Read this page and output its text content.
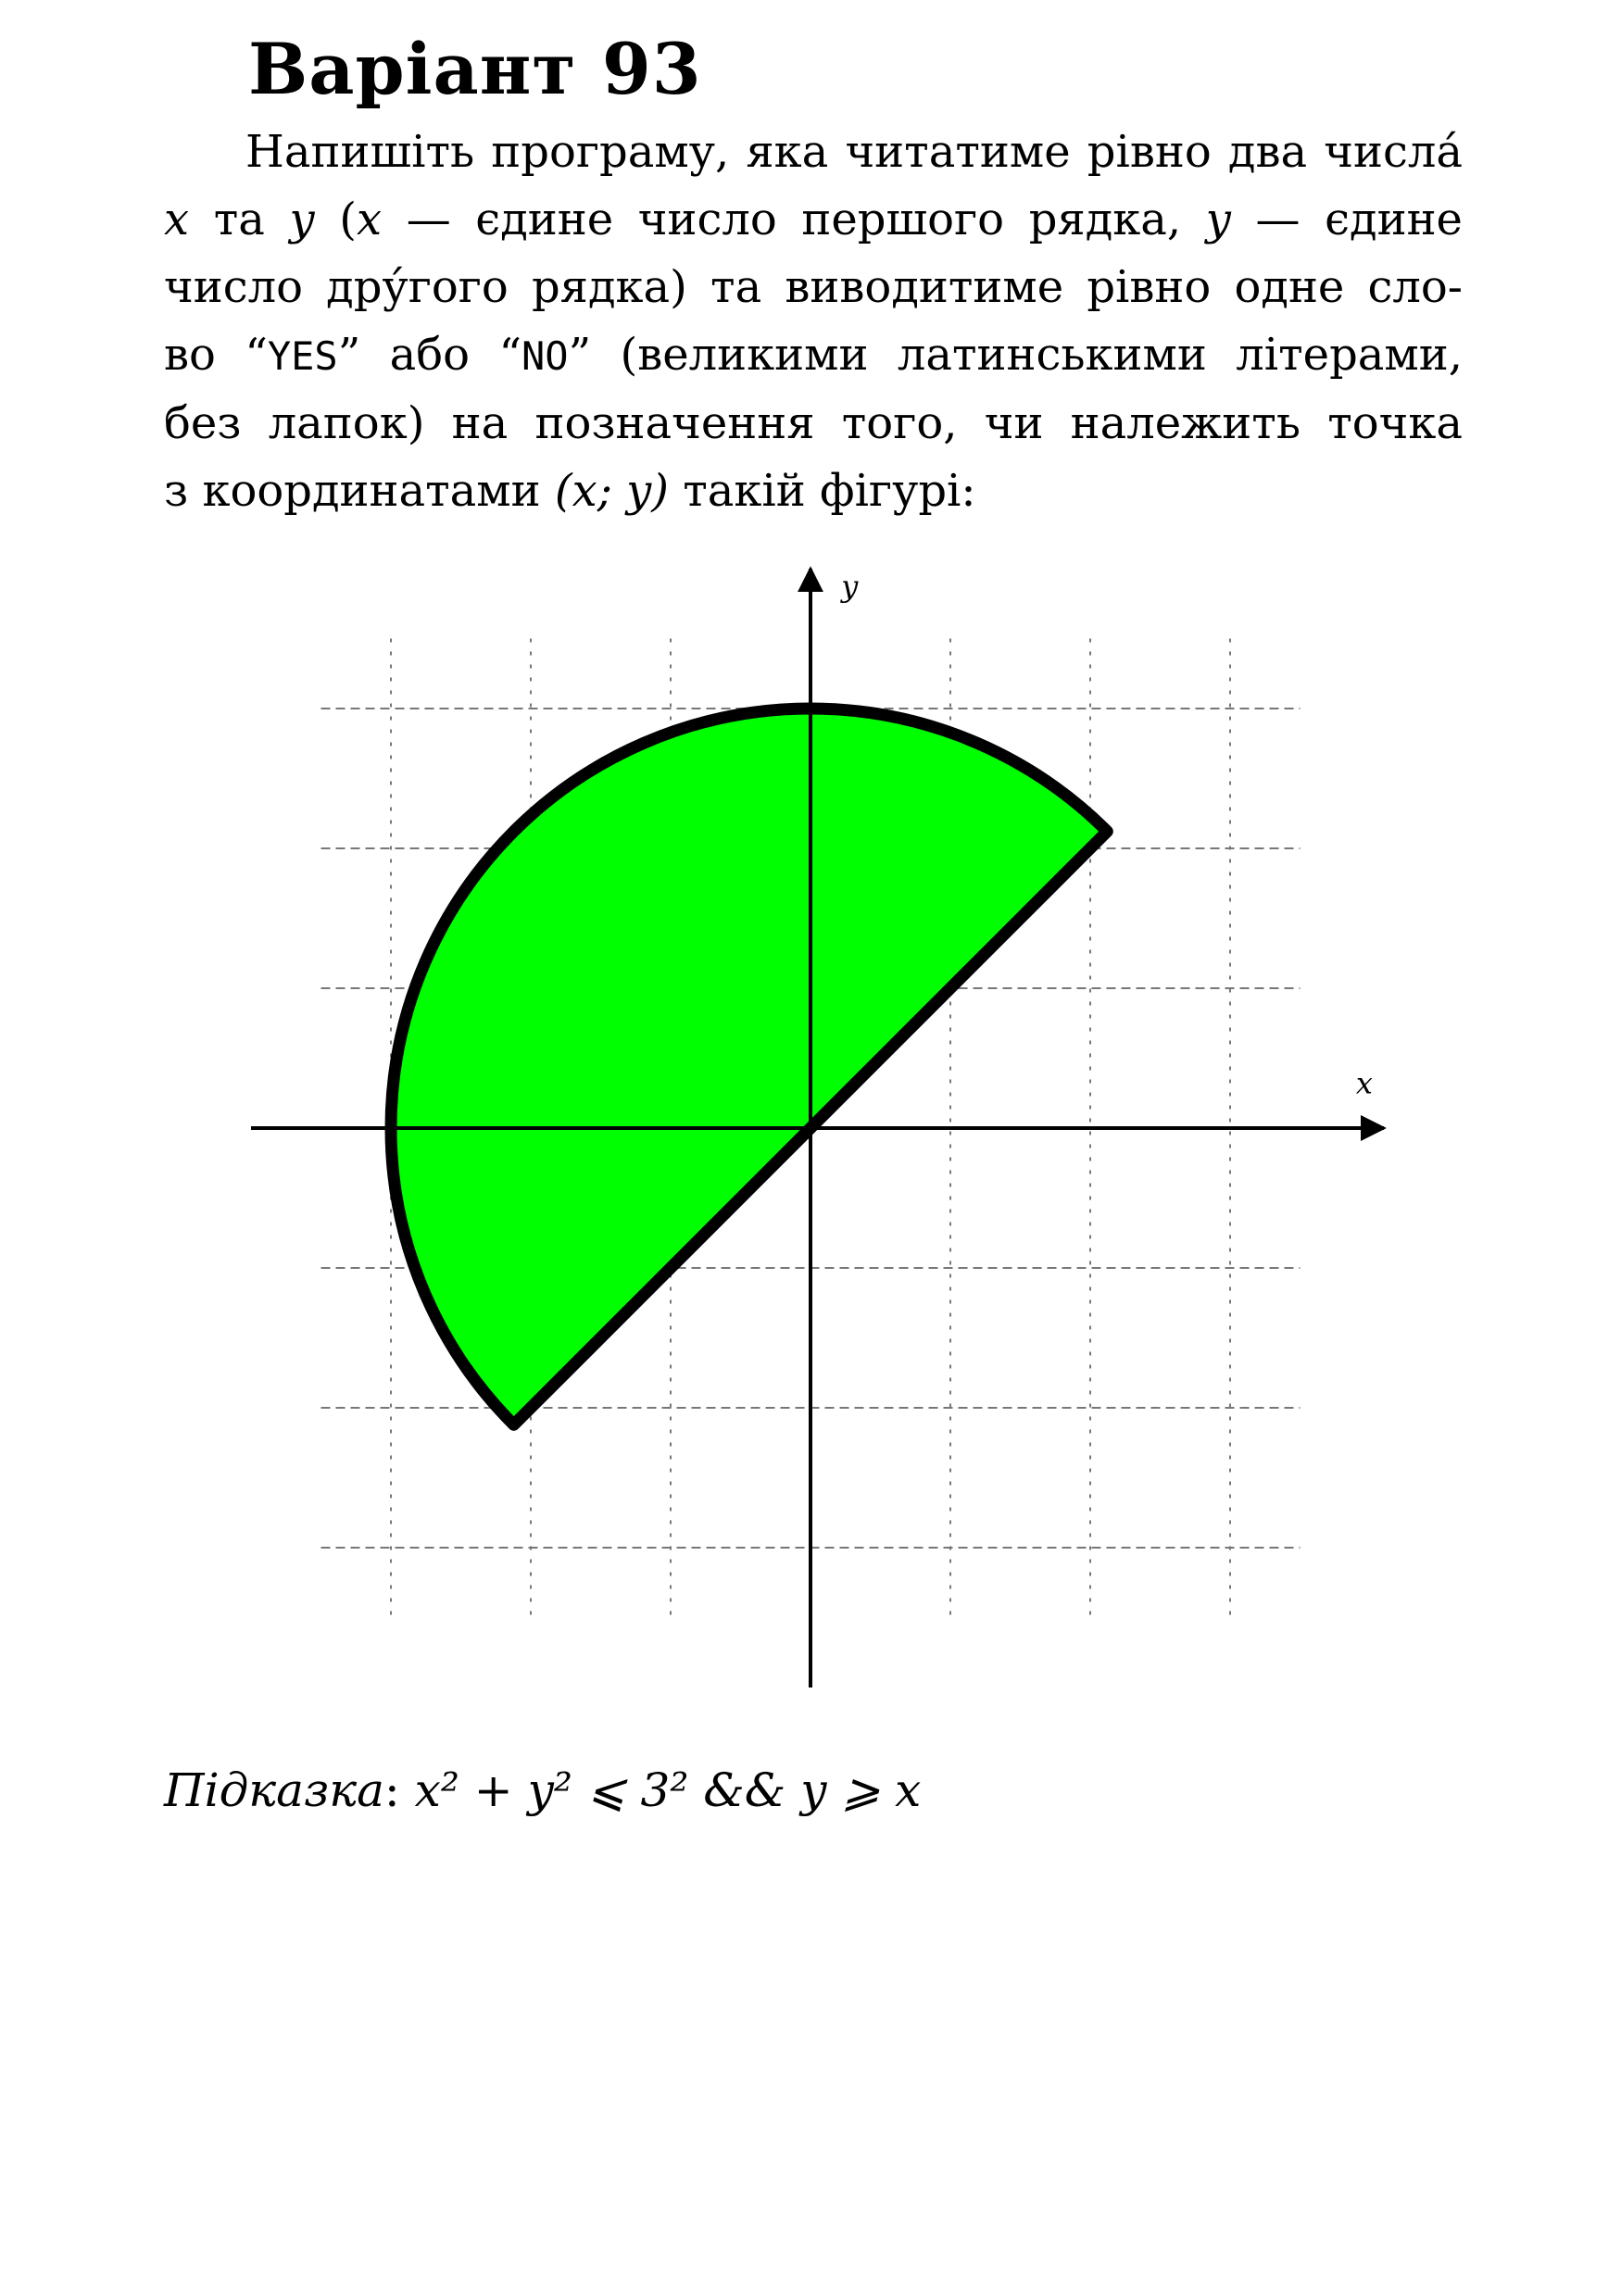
Варіант 93
Напишіть програму, яка читатиме рівно два числа́
x та y (x — єдине число першого рядка, y — єдине
число дру́гого рядка) та виводитиме рівно одне сло-
во “YES” або “NO” (великими латинськими літерами,
без лапок) на позначення того, чи належить точка
з координатами (x; y) такій фігурі:
x
y
Підказка: x² + y² ⩽ 3² && y ⩾ x
